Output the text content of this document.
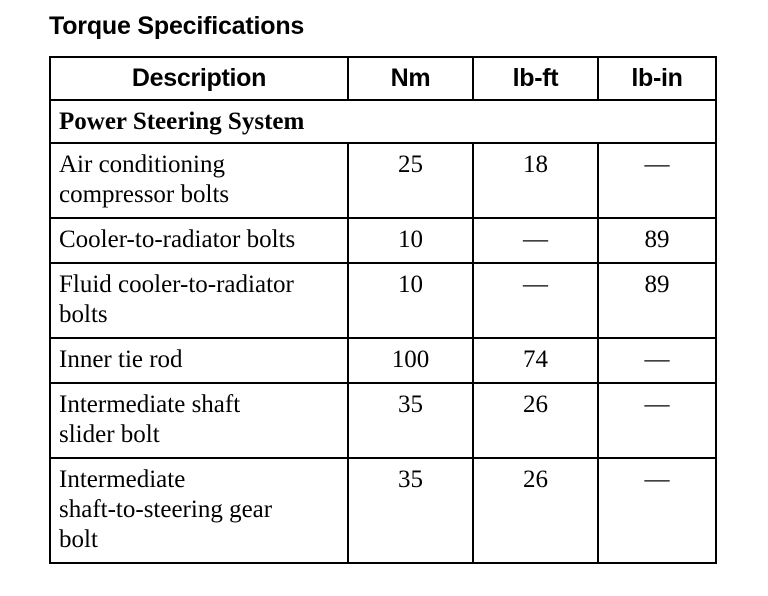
Torque Specifications
Description	Nm	lb-ft	lb-in
Power Steering System			
Air conditioning
compressor bolts	25	18	—
Cooler-to-radiator bolts	10	—	89
Fluid cooler-to-radiator
bolts	10	—	89
Inner tie rod	100	74	—
Intermediate shaft
slider bolt	35	26	—
Intermediate
shaft-to-steering gear
bolt	35	26	—
